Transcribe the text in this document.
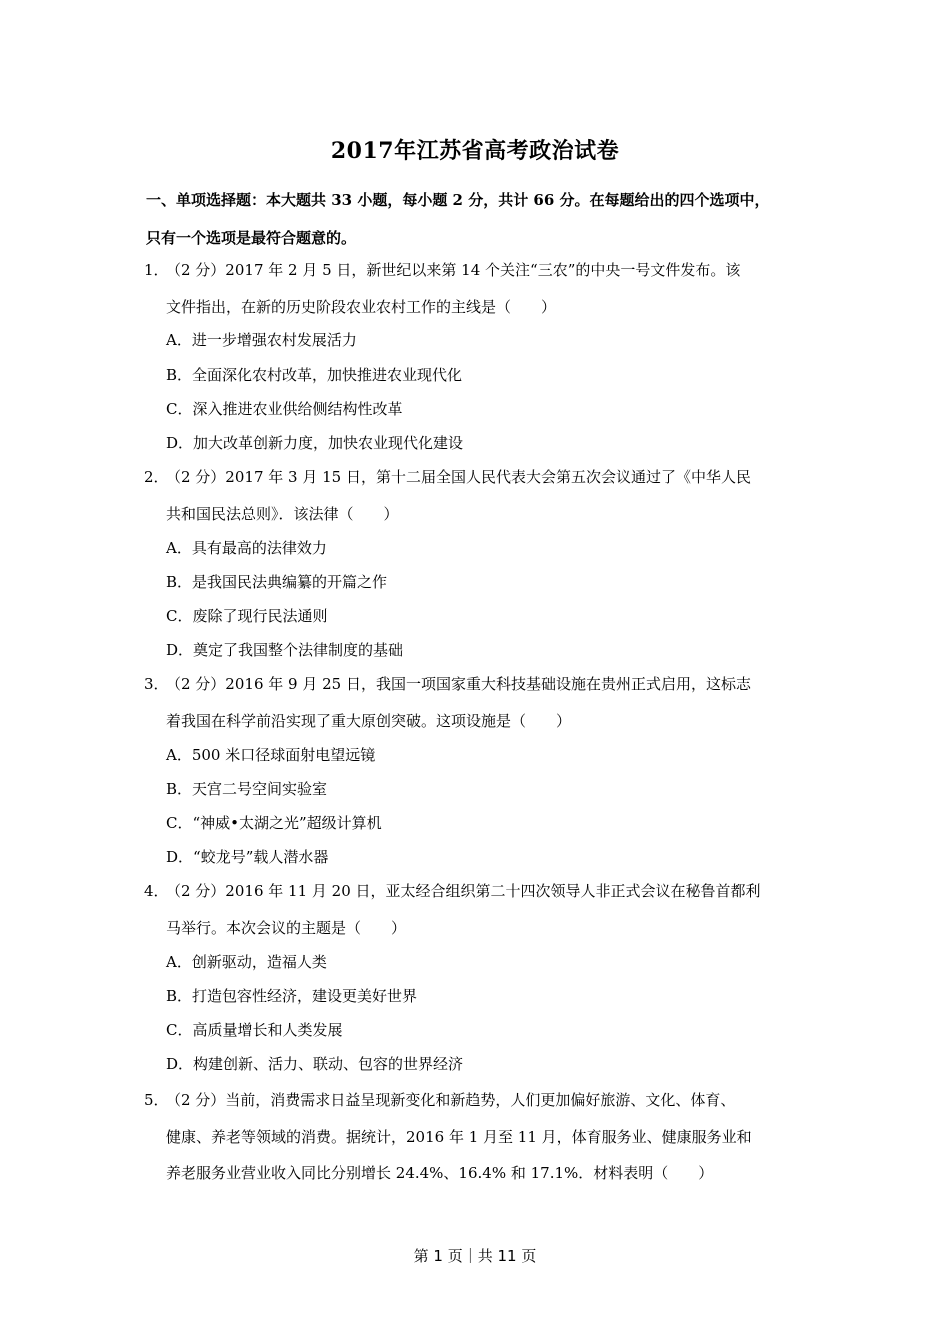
2017年江苏省高考政治试卷
一、单项选择题：本大题共 33 小题，每小题 2 分，共计 66 分。在每题给出的四个选项中，
只有一个选项是最符合题意的。
1．
（2 分）2017 年 2 月 5 日，新世纪以来第 14 个关注“三农”的中央一号文件发布。该
文件指出，在新的历史阶段农业农村工作的主线是（　　）
A．进一步增强农村发展活力
B．全面深化农村改革，加快推进农业现代化
C．深入推进农业供给侧结构性改革
D．加大改革创新力度，加快农业现代化建设
2．
（2 分）2017 年 3 月 15 日，第十二届全国人民代表大会第五次会议通过了《中华人民
共和国民法总则》．该法律（　　）
A．具有最高的法律效力
B．是我国民法典编纂的开篇之作
C．废除了现行民法通则
D．奠定了我国整个法律制度的基础
3．
（2 分）2016 年 9 月 25 日，我国一项国家重大科技基础设施在贵州正式启用，这标志
着我国在科学前沿实现了重大原创突破。这项设施是（　　）
A．500 米口径球面射电望远镜
B．天宫二号空间实验室
C．“神威•太湖之光”超级计算机
D．“蛟龙号”载人潜水器
4．
（2 分）2016 年 11 月 20 日，亚太经合组织第二十四次领导人非正式会议在秘鲁首都利
马举行。本次会议的主题是（　　）
A．创新驱动，造福人类
B．打造包容性经济，建设更美好世界
C．高质量增长和人类发展
D．构建创新、活力、联动、包容的世界经济
5．
（2 分）当前，消费需求日益呈现新变化和新趋势，人们更加偏好旅游、文化、体育、
健康、养老等领域的消费。据统计，2016 年 1 月至 11 月，体育服务业、健康服务业和
养老服务业营业收入同比分别增长 24.4%、16.4% 和 17.1%．材料表明（　　）
第 1 页｜共 11 页
